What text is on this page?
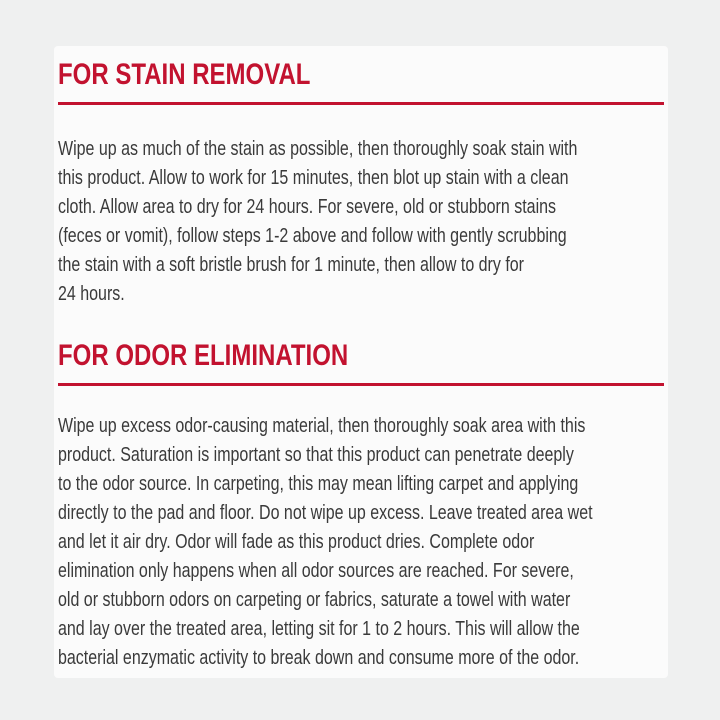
FOR STAIN REMOVAL
Wipe up as much of the stain as possible, then thoroughly soak stain with
this product. Allow to work for 15 minutes, then blot up stain with a clean
cloth. Allow area to dry for 24 hours. For severe, old or stubborn stains
(feces or vomit), follow steps 1-2 above and follow with gently scrubbing
the stain with a soft bristle brush for 1 minute, then allow to dry for
24 hours.
FOR ODOR ELIMINATION
Wipe up excess odor-causing material, then thoroughly soak area with this
product. Saturation is important so that this product can penetrate deeply
to the odor source. In carpeting, this may mean lifting carpet and applying
directly to the pad and floor. Do not wipe up excess. Leave treated area wet
and let it air dry. Odor will fade as this product dries. Complete odor
elimination only happens when all odor sources are reached. For severe,
old or stubborn odors on carpeting or fabrics, saturate a towel with water
and lay over the treated area, letting sit for 1 to 2 hours. This will allow the
bacterial enzymatic activity to break down and consume more of the odor.
